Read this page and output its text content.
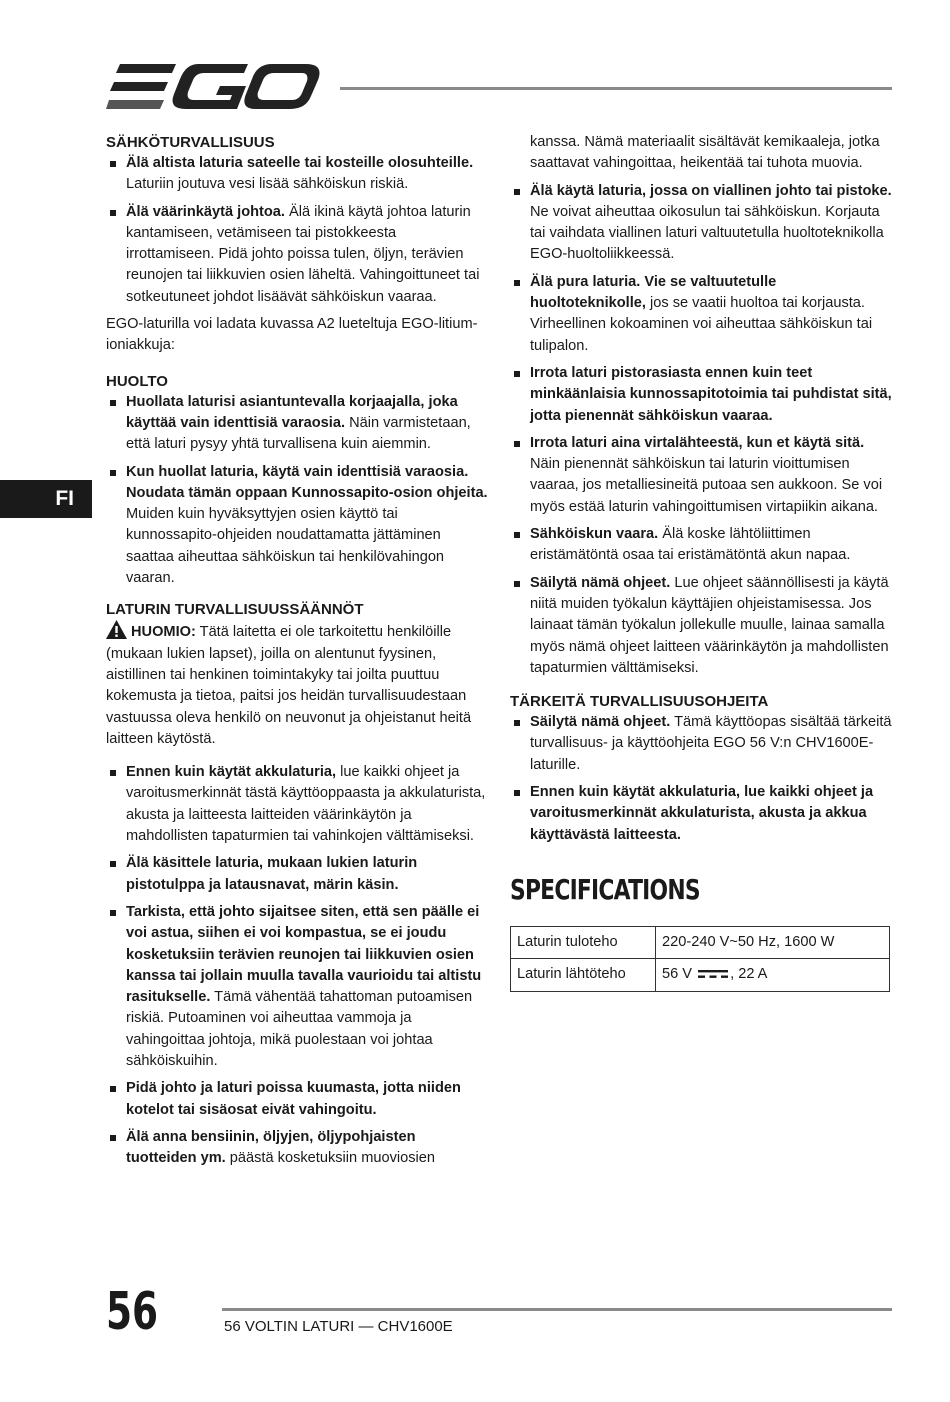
FI

SÄHKÖTURVALLISUUS

Älä altista laturia sateelle tai kosteille olosuhteille. Laturiin joutuva vesi lisää sähköiskun riskiä.
Älä väärinkäytä johtoa. Älä ikinä käytä johtoa laturin kantamiseen, vetämiseen tai pistokkeesta irrottamiseen. Pidä johto poissa tulen, öljyn, terävien reunojen tai liikkuvien osien läheltä. Vahingoittuneet tai sotkeutuneet johdot lisäävät sähköiskun vaaraa.

EGO-laturilla voi ladata kuvassa A2 lueteltuja EGO-litium-ioniakkuja:

HUOLTO

Huollata laturisi asiantuntevalla korjaajalla, joka käyttää vain identtisiä varaosia. Näin varmistetaan, että laturi pysyy yhtä turvallisena kuin aiemmin.
Kun huollat laturia, käytä vain identtisiä varaosia. Noudata tämän oppaan Kunnossapito-osion ohjeita. Muiden kuin hyväksyttyjen osien käyttö tai kunnossapito-ohjeiden noudattamatta jättäminen saattaa aiheuttaa sähköiskun tai henkilövahingon vaaran.

LATURIN TURVALLISUUSSÄÄNNÖT

HUOMIO: Tätä laitetta ei ole tarkoitettu henkilöille (mukaan lukien lapset), joilla on alentunut fyysinen, aistillinen tai henkinen toimintakyky tai joilta puuttuu kokemusta ja tietoa, paitsi jos heidän turvallisuudestaan vastuussa oleva henkilö on neuvonut ja ohjeistanut heitä laitteen käytöstä.

Ennen kuin käytät akkulaturia, lue kaikki ohjeet ja varoitusmerkinnät tästä käyttöoppaasta ja akkulaturista, akusta ja laitteesta laitteiden väärinkäytön ja mahdollisten tapaturmien tai vahinkojen välttämiseksi.
Älä käsittele laturia, mukaan lukien laturin pistotulppa ja latausnavat, märin käsin.
Tarkista, että johto sijaitsee siten, että sen päälle ei voi astua, siihen ei voi kompastua, se ei joudu kosketuksiin terävien reunojen tai liikkuvien osien kanssa tai jollain muulla tavalla vaurioidu tai altistu rasitukselle. Tämä vähentää tahattoman putoamisen riskiä. Putoaminen voi aiheuttaa vammoja ja vahingoittaa johtoja, mikä puolestaan voi johtaa sähköiskuihin.
Pidä johto ja laturi poissa kuumasta, jotta niiden kotelot tai sisäosat eivät vahingoitu.
Älä anna bensiinin, öljyjen, öljypohjaisten tuotteiden ym. päästä kosketuksiin muoviosien

kanssa. Nämä materiaalit sisältävät kemikaaleja, jotka saattavat vahingoittaa, heikentää tai tuhota muovia.

Älä käytä laturia, jossa on viallinen johto tai pistoke. Ne voivat aiheuttaa oikosulun tai sähköiskun. Korjauta tai vaihdata viallinen laturi valtuutetulla huoltoteknikolla EGO-huoltoliikkeessä.
Älä pura laturia. Vie se valtuutetulle huoltoteknikolle, jos se vaatii huoltoa tai korjausta. Virheellinen kokoaminen voi aiheuttaa sähköiskun tai tulipalon.
Irrota laturi pistorasiasta ennen kuin teet minkäänlaisia kunnossapitotoimia tai puhdistat sitä, jotta pienennät sähköiskun vaaraa.
Irrota laturi aina virtalähteestä, kun et käytä sitä. Näin pienennät sähköiskun tai laturin vioittumisen vaaraa, jos metalliesineitä putoaa sen aukkoon. Se voi myös estää laturin vahingoittumisen virtapiikin aikana.
Sähköiskun vaara. Älä koske lähtöliittimen eristämätöntä osaa tai eristämätöntä akun napaa.
Säilytä nämä ohjeet. Lue ohjeet säännöllisesti ja käytä niitä muiden työkalun käyttäjien ohjeistamisessa. Jos lainaat tämän työkalun jollekulle muulle, lainaa samalla myös nämä ohjeet laitteen väärinkäytön ja mahdollisten tapaturmien välttämiseksi.

TÄRKEITÄ TURVALLISUUSOHJEITA

Säilytä nämä ohjeet. Tämä käyttöopas sisältää tärkeitä turvallisuus- ja käyttöohjeita EGO 56 V:n CHV1600E-laturille.
Ennen kuin käytät akkulaturia, lue kaikki ohjeet ja varoitusmerkinnät akkulaturista, akusta ja akkua käyttävästä laitteesta.
SPECIFICATIONS
Laturin tuloteho	220-240 V~50 Hz, 1600 W
Laturin lähtöteho	56 V , 22 A
56	56 VOLTIN LATURI — CHV1600E
